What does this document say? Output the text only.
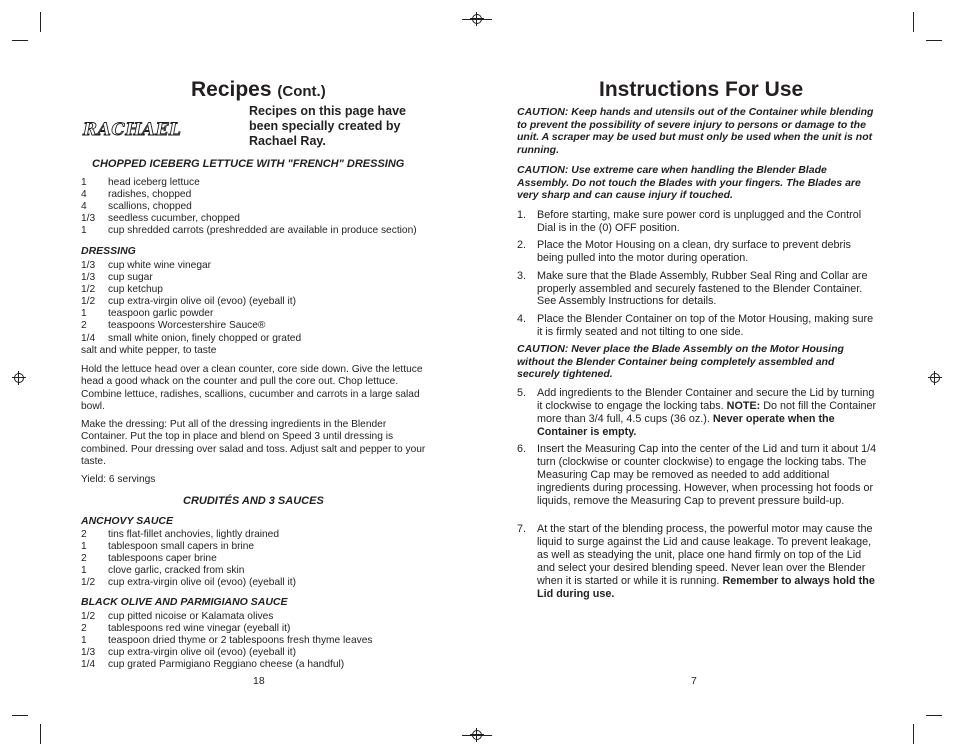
Recipes (Cont.)
RACHAEL
Recipes on this page have been specially created by Rachael Ray.
CHOPPED ICEBERG LETTUCE WITH "FRENCH" DRESSING
1	head iceberg lettuce
4	radishes, chopped
4	scallions, chopped
1/3	seedless cucumber, chopped
1	cup shredded carrots (preshredded are available in produce section)
DRESSING
1/3	cup white wine vinegar
1/3	cup sugar
1/2	cup ketchup
1/2	cup extra-virgin olive oil (evoo) (eyeball it)
1	teaspoon garlic powder
2	teaspoons Worcestershire Sauce®
1/4	small white onion, finely chopped or grated
salt and white pepper, to taste
Hold the lettuce head over a clean counter, core side down. Give the lettuce head a good whack on the counter and pull the core out. Chop lettuce. Combine lettuce, radishes, scallions, cucumber and carrots in a large salad bowl.
Make the dressing: Put all of the dressing ingredients in the Blender Container. Put the top in place and blend on Speed 3 until dressing is combined. Pour dressing over salad and toss. Adjust salt and pepper to your taste.
Yield: 6 servings
CRUDITÉS AND 3 SAUCES
ANCHOVY SAUCE
2	tins flat-fillet anchovies, lightly drained
1	tablespoon small capers in brine
2	tablespoons caper brine
1	clove garlic, cracked from skin
1/2	cup extra-virgin olive oil (evoo) (eyeball it)
BLACK OLIVE AND PARMIGIANO SAUCE
1/2	cup pitted nicoise or Kalamata olives
2	tablespoons red wine vinegar (eyeball it)
1	teaspoon dried thyme or 2 tablespoons fresh thyme leaves
1/3	cup extra-virgin olive oil (evoo) (eyeball it)
1/4	cup grated Parmigiano Reggiano cheese (a handful)
18
Instructions For Use
CAUTION: Keep hands and utensils out of the Container while blending to prevent the possibility of severe injury to persons or damage to the unit. A scraper may be used but must only be used when the unit is not running.
CAUTION: Use extreme care when handling the Blender Blade Assembly. Do not touch the Blades with your fingers. The Blades are very sharp and can cause injury if touched.
1.	Before starting, make sure power cord is unplugged and the Control Dial is in the (0) OFF position.
2.	Place the Motor Housing on a clean, dry surface to prevent debris being pulled into the motor during operation.
3.	Make sure that the Blade Assembly, Rubber Seal Ring and Collar are properly assembled and securely fastened to the Blender Container. See Assembly Instructions for details.
4.	Place the Blender Container on top of the Motor Housing, making sure it is firmly seated and not tilting to one side.
CAUTION: Never place the Blade Assembly on the Motor Housing without the Blender Container being completely assembled and securely tightened.
5.	Add ingredients to the Blender Container and secure the Lid by turning it clockwise to engage the locking tabs. NOTE: Do not fill the Container more than 3/4 full, 4.5 cups (36 oz.). Never operate when the Container is empty.
6.	Insert the Measuring Cap into the center of the Lid and turn it about 1/4 turn (clockwise or counter clockwise) to engage the locking tabs. The Measuring Cap may be removed as needed to add additional ingredients during processing. However, when processing hot foods or liquids, remove the Measuring Cap to prevent pressure build-up.
7.	At the start of the blending process, the powerful motor may cause the liquid to surge against the Lid and cause leakage. To prevent leakage, as well as steadying the unit, place one hand firmly on top of the Lid and select your desired blending speed. Never lean over the Blender when it is started or while it is running. Remember to always hold the Lid during use.
7
